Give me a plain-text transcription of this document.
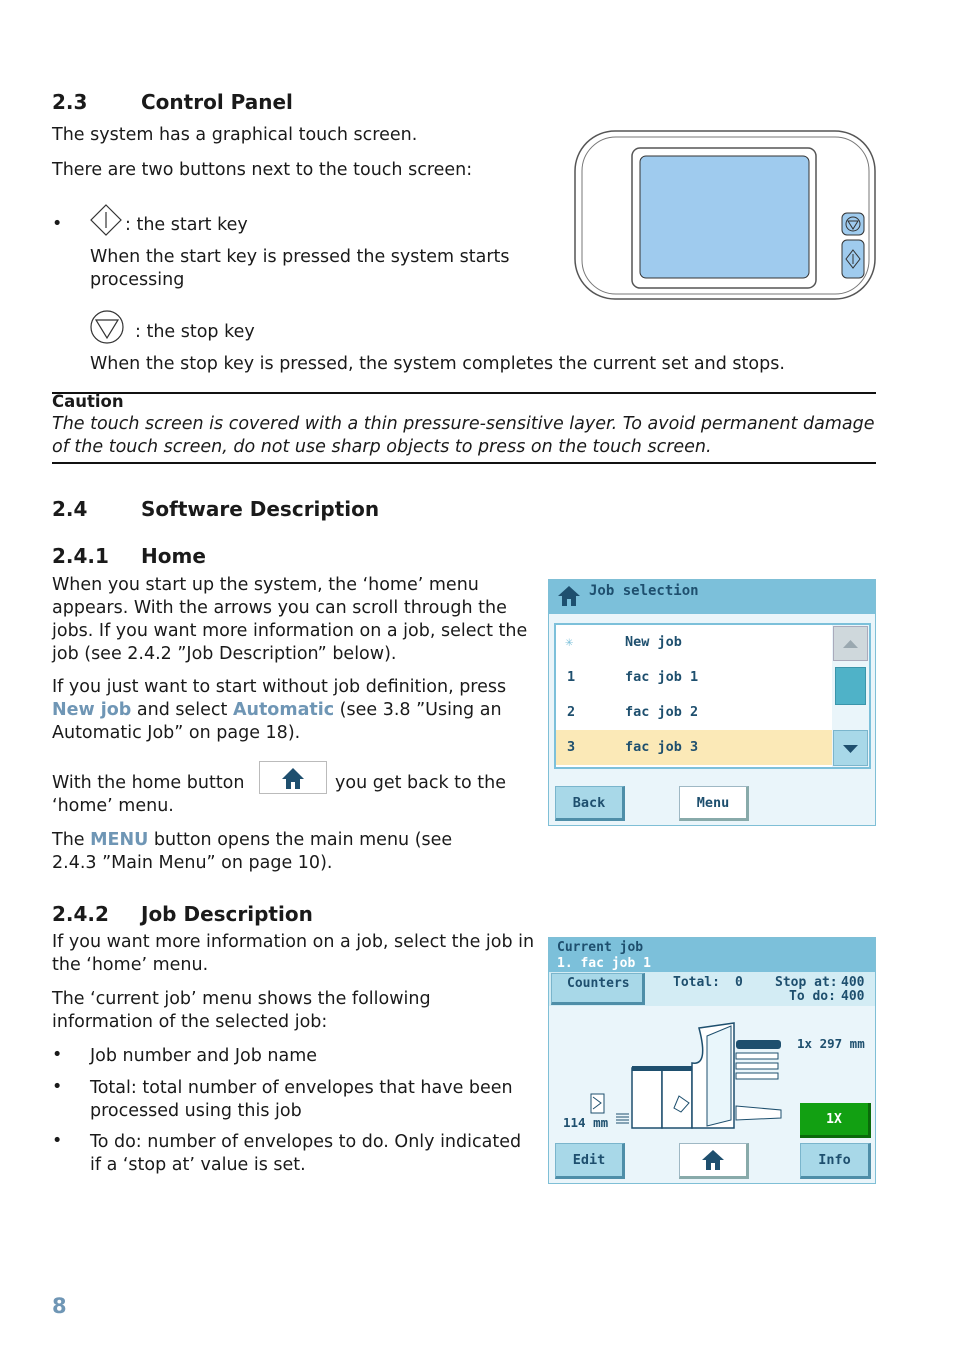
2.3	Control Panel
The system has a graphical touch screen.
There are two buttons next to the touch screen:
•	: the start key
When the start key is pressed the system starts processing
: the stop key
When the stop key is pressed, the system completes the current set and stops.
Caution
The touch screen is covered with a thin pressure-sensitive layer. To avoid permanent damage of the touch screen, do not use sharp objects to press on the touch screen.
2.4	Software Description
2.4.1 Home
When you start up the system, the ‘home’ menu appears. With the arrows you can scroll through the jobs. If you want more information on a job, select the job (see 2.4.2 ”Job Description” below).
If you just want to start without job definition, press New job and select Automatic (see 3.8 ”Using an Automatic Job” on page 18).
With the home button	you get back to the
‘home’ menu.
The MENU button opens the main menu (see 2.4.3 ”Main Menu” on page 10).
Job selection
✳	New job
1	fac job 1
2	fac job 2
3	fac job 3
Back	Menu
2.4.2 Job Description
If you want more information on a job, select the job in the ‘home’ menu.
The ‘current job’ menu shows the following information of the selected job:
• Job number and Job name
• Total: total number of envelopes that have been processed using this job
• To do: number of envelopes to do. Only indicated if a ‘stop at’ value is set.
Current job
1. fac job 1
Counters	Total: 0 Stop at: 400
To do: 400
1x 297 mm
114 mm	1X
Edit	Info
8
